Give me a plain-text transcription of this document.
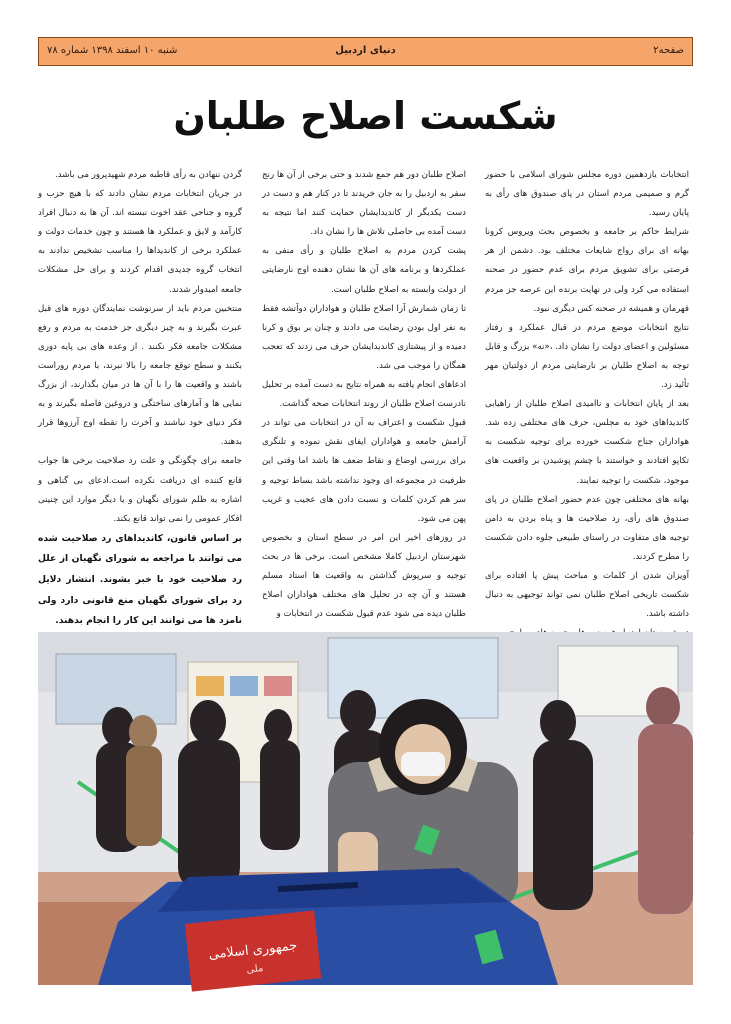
صفحه۲
دنیای اردبیل
شنبه ۱۰ اسفند ۱۳۹۸ شماره ۷۸
شکست اصلاح طلبان

انتخابات یازدهمین دوره مجلس شورای اسلامی با حضور گرم و صمیمی مردم استان در پای صندوق های رأی به پایان رسید.

شرایط حاکم بر جامعه و بخصوص بحث ویروس کرونا بهانه ای برای رواج شایعات مختلف بود. دشمن از هر فرصتی برای تشویق مردم برای عدم حضور در صحنه استفاده می کرد ولی در نهایت برنده این عرصه جز مردم قهرمان و همیشه در صحنه کس دیگری نبود.

نتایج انتخابات موضع مردم در قبال عملکرد و رفتار مسئولین و اعضای دولت را نشان داد. ،«نه» بزرگ و قابل توجه به اصلاح طلبان بر نارضایتی مردم از دولتیان مهر تأئید زد.

بعد از پایان انتخابات و ناامیدی اصلاح طلبان از راهیابی کاندیداهای خود به مجلس، حرف های مختلفی زده شد. هواداران جناح شکست خورده برای توجیه شکست به تکاپو افتادند و خواستند با چشم پوشیدن بر واقعیت های موجود، شکست را توجیه نمایند.

بهانه های مختلفی چون عدم حضور اصلاح طلبان در پای صندوق های رأی، رد صلاحیت ها و پناه بردن به دامن توجیه های متفاوت در راستای طبیعی جلوه دادن شکست را مطرح کردند.

آویزان شدن از کلمات و مباحث پیش پا افتاده برای شکست تاریخی اصلاح طلبان نمی تواند توجیهی به دنبال داشته باشد.

اصلاح طلبان دور هم جمع شدند و حتی برخی از آن ها رنج سفر به اردبیل را به جان خریدند تا در کنار هم و دست در دست یکدیگر از کاندیدایشان حمایت کنند اما نتیجه به دست آمده بی حاصلی تلاش ها را نشان داد.

پشت کردن مردم به اصلاح طلبان و رأی منفی به عملکردها و برنامه های آن ها نشان دهنده اوج نارضایتی از دولت وابسته به اصلاح طلبان است.

تا زمان شمارش آرا اصلاح طلبان و هواداران دوآتشه فقط به نفر اول بودن رضایت می دادند و چنان بر بوق و کرنا دمیده و از پیشتازی کاندیدایشان حرف می زدند که تعجب همگان را موجب می شد.

ادعاهای انجام یافته به همراه نتایج به دست آمده بر تحلیل نادرست اصلاح طلبان از روند انتخابات صحه گذاشت.

قبول شکست و اعتراف به آن در انتخابات می تواند در آرامش جامعه و هواداران ایفای نقش نموده و تلنگری برای بررسی اوضاع و نقاط ضعف ها باشد اما وقتی این ظرفیت در مجموعه ای وجود نداشته باشد بساط توجیه و سر هم کردن کلمات و نسبت دادن های عجیب و غریب پهن می شود.

در روزهای اخیر این امر در سطح استان و بخصوص شهرستان اردبیل کاملا مشخص است. برخی ها در بحث توجیه و سرپوش گذاشتن به واقعیت ها استاد مسلم هستند و آن چه در تحلیل های مختلف هواداران اصلاح طلبان دیده می شود عدم قبول شکست در انتخابات و

گردن ننهادن به رأی قاطبه مردم شهیدپرور می باشد.

در جریان انتخابات مردم نشان دادند که با هیچ حزب و گروه و جناحی عقد اخوت نبسته اند. آن ها به دنبال افراد کارآمد و لایق و عملکرد ها هستند و چون خدمات دولت و عملکرد برخی از کاندیداها را مناسب تشخیص ندادند به انتخاب گروه جدیدی اقدام کردند و برای حل مشکلات جامعه امیدوار شدند.

منتخبین مردم باید از سرنوشت نمایندگان دوره های قبل عبرت بگیرند و به چیز دیگری جز خدمت به مردم و رفع مشکلات جامعه فکر نکنند . از وعده های بی پایه دوری بکنند و سطح توقع جامعه را بالا نبرند، با مردم روراست باشند و واقعیت ها را با آن ها در میان بگذارند، از بزرگ نمایی ها و آمارهای ساختگی و دروغین فاصله بگیرند و به فکر دنیای خود نباشند و آخرت را نقطه اوج آرزوها قرار بدهند.

جامعه برای چگونگی و علت رد صلاحیت برخی ها جواب قانع کننده ای دریافت نکرده است.ادعای بی گناهی و اشاره به ظلم شورای نگهبان و یا دیگر موارد این چنینی افکار عمومی را نمی تواند قانع بکند.

بر اساس قانون، کاندیداهای رد صلاحیت شده می توانند با مراجعه به شورای نگهبان از علل رد صلاحیت خود با خبر بشوند. انتشار دلایل رد برای شورای نگهبان منع قانونی دارد ولی نامزد ها می توانند این کار را انجام بدهند.

جمهوری اسلامی
ملی
